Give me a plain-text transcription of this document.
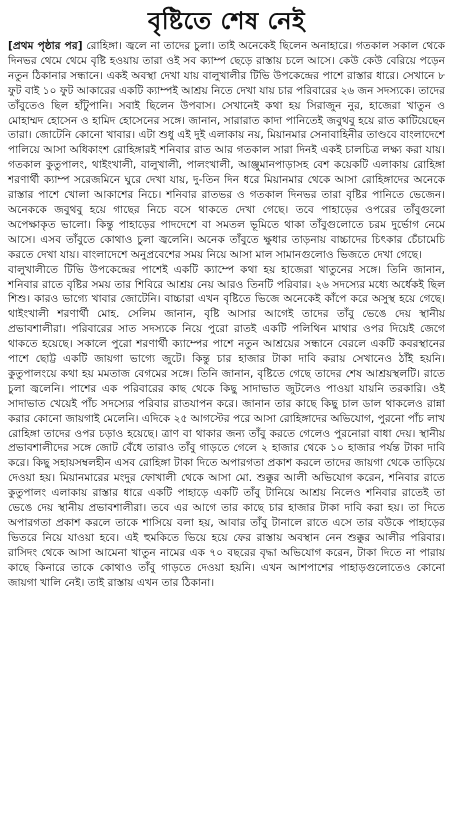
বৃষ্টিতে শেষ নেই

[প্রথম পৃষ্ঠার পর] রোহিঙ্গা। জ্বলে না তাদের চুলা। তাই অনেকেই ছিলেন অনাহারে। গতকাল সকাল থেকে দিনভর থেমে থেমে বৃষ্টি হওয়ায় তারা ওই সব ক্যাম্প ছেড়ে রাস্তায় চলে আসে। কেউ কেউ বেরিয়ে পড়েন নতুন ঠিকানার সন্ধানে। একই অবস্থা দেখা যায় বালুখালীর টিভি উপকেন্দ্রের পাশে রাস্তার ধারে। সেখানে ৮ ফুট বাই ১০ ফুট আকারের একটি ক্যাম্পই আশ্রয় নিতে দেখা যায় চার পরিবারের ২৬ জন সদস্যকে। তাদের তাঁবুতেও ছিল হাঁটুপানি। সবাই ছিলেন উপবাস। সেখানেই কথা হয় সিরাজুন নুর, হাজেরা খাতুন ও মোহাম্মদ হোসেন ও হামিদ হোসেনের সঙ্গে। জানান, সারারাত কাদা পানিতেই জবুথবু হয়ে রাত কাটিয়েছেন তারা। জোটেনি কোনো খাবার। এটা শুধু এই দুই এলাকায় নয়, মিয়ানমার সেনাবাহিনীর তাণ্ডবে বাংলাদেশে পালিয়ে আসা অধিকাংশ রোহিঙ্গারই শনিবার রাত আর গতকাল সারা দিনই একই চালচিত্র লক্ষ্য করা যায়। গতকাল কুতুপালং, থাইংখালী, বালুখালী, পালংখালী, আঞ্জুমানপাড়াসহ বেশ কয়েকটি এলাকায় রোহিঙ্গা শরণার্থী ক্যাম্প সরেজমিনে ঘুরে দেখা যায়, দু-তিন দিন ধরে মিয়ানমার থেকে আসা রোহিঙ্গাদের অনেকে রাস্তার পাশে খোলা আকাশের নিচে। শনিবার রাতভর ও গতকাল দিনভর তারা বৃষ্টির পানিতে ভেজেন। অনেককে জবুথবু হয়ে গাছের নিচে বসে থাকতে দেখা গেছে। তবে পাহাড়ের ওপরের তাঁবুগুলো অপেক্ষাকৃত ভালো। কিন্তু পাহাড়ের পাদদেশে বা সমতল ভূমিতে থাকা তাঁবুগুলোতে চরম দুর্ভোগ নেমে আসে। এসব তাঁবুতে কোথাও চুলা জ্বলেনি। অনেক তাঁবুতে ক্ষুধার তাড়নায় বাচ্চাদের চিৎকার চেঁচামেচি করতে দেখা যায়। বাংলাদেশে অনুপ্রবেশের সময় নিয়ে আসা মাল সামানগুলোও ভিজতে দেখা গেছে।

বালুখালীতে টিভি উপকেন্দ্রের পাশেই একটি ক্যাম্পে কথা হয় হাজেরা খাতুনের সঙ্গে। তিনি জানান, শনিবার রাতে বৃষ্টির সময় তার শিবিরে আশ্রয় নেয় আরও তিনটি পরিবার। ২৬ সদস্যের মধ্যে অর্ধেকই ছিল শিশু। কারও ভাগ্যে খাবার জোটেনি। বাচ্চারা এখন বৃষ্টিতে ভিজে অনেকেই কাঁপে করে অসুস্থ হয়ে গেছে। থাইংখালী শরণার্থী মোহ. সেলিম জানান, বৃষ্টি আসার আগেই তাদের তাঁবু ভেঙে দেয় স্থানীয় প্রভাবশালীরা। পরিবারের সাত সদস্যকে নিয়ে পুরো রাতই একটি পলিথিন মাথার ওপর দিয়েই জেগে থাকতে হয়েছে। সকালে পুরো শরণার্থী ক্যাম্পের পাশে নতুন আশ্রয়ের সন্ধানে বেরলে একটি কবরস্থানের পাশে ছোট্ট একটি জায়গা ভাগ্যে জুটে। কিন্তু চার হাজার টাকা দাবি করায় সেখানেও ঠাঁই হয়নি। কুতুপালংয়ে কথা হয় মমতাজ বেগমের সঙ্গে। তিনি জানান, বৃষ্টিতে গেছে তাদের শেষ আশ্রয়স্থলটি। রাতে চুলা জ্বলেনি। পাশের এক পরিবারের কাছ থেকে কিছু সাদাভাত জুটলেও পাওয়া যায়নি তরকারি। ওই সাদাভাত খেয়েই পাঁচ সদস্যের পরিবার রাতযাপন করে। জানান তার কাছে কিছু চাল ডাল থাকলেও রান্না করার কোনো জায়গাই মেলেনি। এদিকে ২৫ আগস্টের পরে আসা রোহিঙ্গাদের অভিযোগ, পুরনো পাঁচ লাখ রোহিঙ্গা তাদের ওপর চড়াও হয়েছে। ত্রাণ বা থাকার জন্য তাঁবু করতে গেলেও পুরনোরা বাধা দেয়। স্থানীয় প্রভাবশালীদের সঙ্গে জোট বেঁধে তারাও তাঁবু গাড়তে গেলে ২ হাজার থেকে ১০ হাজার পর্যন্ত টাকা দাবি করে। কিছু সহায়সম্বলহীন এসব রোহিঙ্গা টাকা দিতে অপারগতা প্রকাশ করলে তাদের জায়গা থেকে তাড়িয়ে দেওয়া হয়। মিয়ানমারের মংদুর ফোখালী থেকে আসা মো. শুক্কুর আলী অভিযোগ করেন, শনিবার রাতে কুতুপালং এলাকায় রাস্তার ধারে একটি পাহাড়ে একটি তাঁবু টানিয়ে আশ্রয় নিলেও শনিবার রাতেই তা ভেঙে দেয় স্থানীয় প্রভাবশালীরা। তবে এর আগে তার কাছে চার হাজার টাকা দাবি করা হয়। তা দিতে অপারগতা প্রকাশ করলে তাকে শাসিয়ে বলা হয়, আবার তাঁবু টানালে রাতে এসে তার বউকে পাহাড়ের ভিতরে নিয়ে যাওয়া হবে। এই হুমকিতে ভিয়ে হয়ে ফের রাস্তায় অবস্থান নেন শুক্কুর আলীর পরিবার। রাসিদং থেকে আসা আমেনা খাতুন নামের এক ৭০ বছরের বৃদ্ধা অভিযোগ করেন, টাকা দিতে না পারায় কাছে কিনারে তাকে কোথাও তাঁবু গাড়তে দেওয়া হয়নি। এখন আশপাশের পাহাড়গুলোতেও কোনো জায়গা খালি নেই। তাই রাস্তায় এখন তার ঠিকানা।
